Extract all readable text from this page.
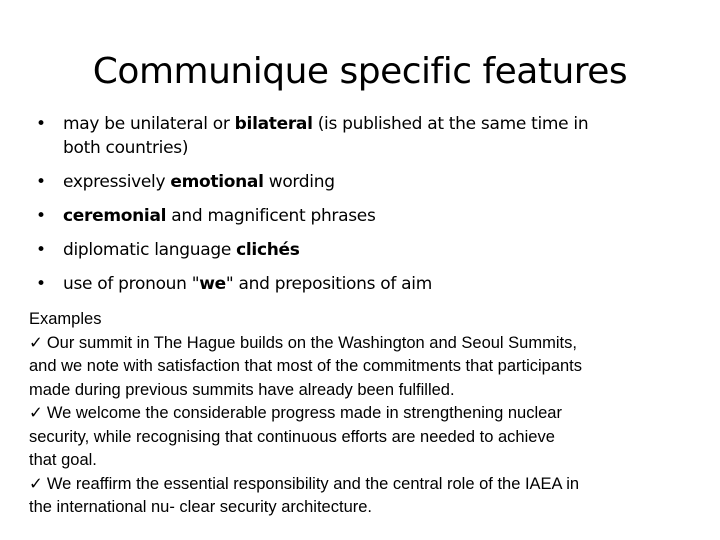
Communique specific features
• may be unilateral or bilateral (is published at the same time in
both countries)
• expressively emotional wording
• ceremonial and magnificent phrases
• diplomatic language clichés
• use of pronoun "we" and prepositions of aim
Examples
✓ Our summit in The Hague builds on the Washington and Seoul Summits,
and we note with satisfaction that most of the commitments that participants
made during previous summits have already been fulfilled.
✓ We welcome the considerable progress made in strengthening nuclear
security, while recognising that continuous efforts are needed to achieve
that goal.
✓ We reaffirm the essential responsibility and the central role of the IAEA in
the international nu- clear security architecture.
